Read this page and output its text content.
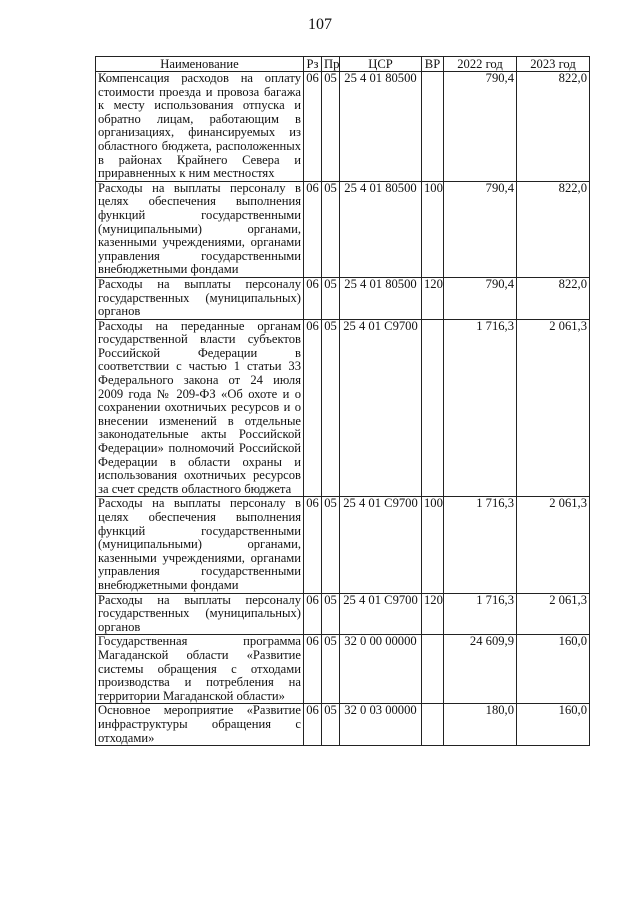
107
Наименование	Рз	Пр	ЦСР	ВР	2022 год	2023 год
Компенсация расходов на оплату стоимости проезда и провоза багажа к месту использования отпуска и обратно лицам, работающим в организациях, финансируемых из областного бюджета, расположенных в районах Крайнего Севера и приравненных к ним местностях	06	05	25 4 01 80500		790,4	822,0
Расходы на выплаты персоналу в целях обеспечения выполнения функций государственными (муниципальными) органами, казенными учреждениями, органами управления государственными внебюджетными фондами	06	05	25 4 01 80500	100	790,4	822,0
Расходы на выплаты персоналу государственных (муниципальных) органов	06	05	25 4 01 80500	120	790,4	822,0
Расходы на переданные органам государственной власти субъектов Российской Федерации в соответствии с частью 1 статьи 33 Федерального закона от 24 июля 2009 года № 209-ФЗ «Об охоте и о сохранении охотничьих ресурсов и о внесении изменений в отдельные законодательные акты Российской Федерации» полномочий Российской Федерации в области охраны и использования охотничьих ресурсов за счет средств областного бюджета	06	05	25 4 01 С9700		1 716,3	2 061,3
Расходы на выплаты персоналу в целях обеспечения выполнения функций государственными (муниципальными) органами, казенными учреждениями, органами управления государственными внебюджетными фондами	06	05	25 4 01 С9700	100	1 716,3	2 061,3
Расходы на выплаты персоналу государственных (муниципальных) органов	06	05	25 4 01 С9700	120	1 716,3	2 061,3
Государственная программа Магаданской области «Развитие системы обращения с отходами производства и потребления на территории Магаданской области»	06	05	32 0 00 00000		24 609,9	160,0
Основное мероприятие «Развитие инфраструктуры обращения с отходами»	06	05	32 0 03 00000		180,0	160,0
